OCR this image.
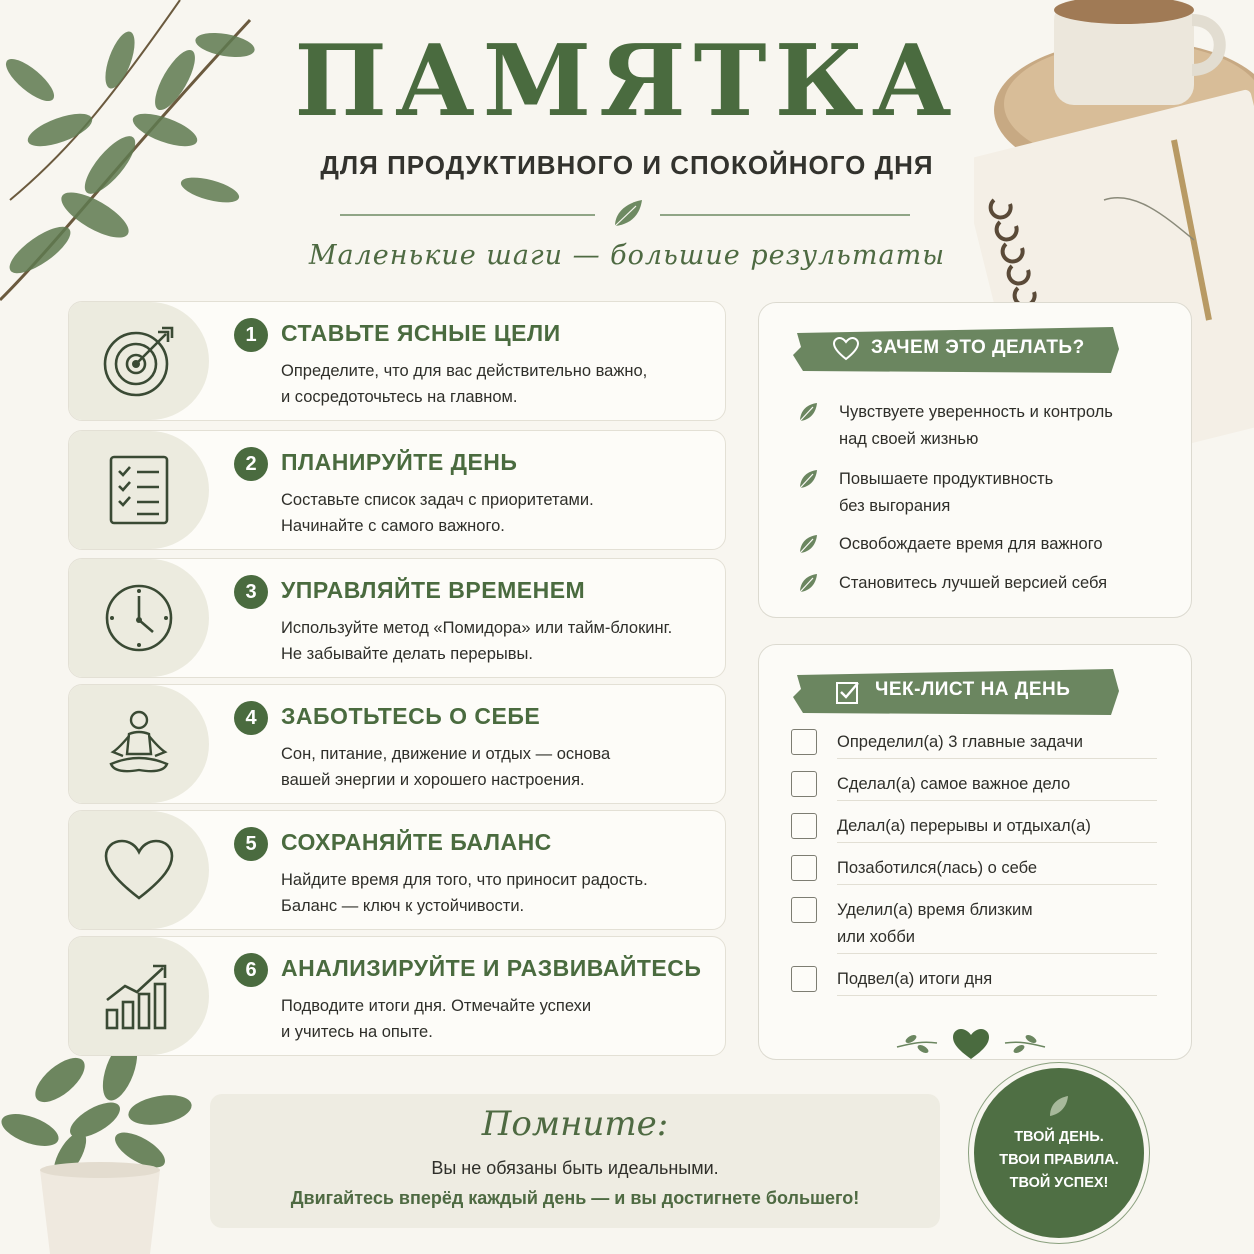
ПАМЯТКА
ДЛЯ ПРОДУКТИВНОГО И СПОКОЙНОГО ДНЯ
Маленькие шаги — большие результаты
1	СТАВЬТЕ ЯСНЫЕ ЦЕЛИ
Определите, что для вас действительно важно,
и сосредоточьтесь на главном.
2	ПЛАНИРУЙТЕ ДЕНЬ
Составьте список задач с приоритетами.
Начинайте с самого важного.
3	УПРАВЛЯЙТЕ ВРЕМЕНЕМ
Используйте метод «Помидора» или тайм-блокинг.
Не забывайте делать перерывы.
4	ЗАБОТЬТЕСЬ О СЕБЕ
Сон, питание, движение и отдых — основа
вашей энергии и хорошего настроения.
5	СОХРАНЯЙТЕ БАЛАНС
Найдите время для того, что приносит радость.
Баланс — ключ к устойчивости.
6	АНАЛИЗИРУЙТЕ И РАЗВИВАЙТЕСЬ
Подводите итоги дня. Отмечайте успехи
и учитесь на опыте.
ЗАЧЕМ ЭТО ДЕЛАТЬ?
Чувствуете уверенность и контроль
над своей жизнью
Повышаете продуктивность
без выгорания
Освобождаете время для важного
Становитесь лучшей версией себя
ЧЕК-ЛИСТ НА ДЕНЬ
Определил(а) 3 главные задачи
Сделал(а) самое важное дело
Делал(а) перерывы и отдыхал(а)
Позаботился(лась) о себе
Уделил(а) время близким
или хобби
Подвел(а) итоги дня
Помните:
Вы не обязаны быть идеальными.
Двигайтесь вперёд каждый день — и вы достигнете большего!
ТВОЙ ДЕНЬ.
ТВОИ ПРАВИЛА.
ТВОЙ УСПЕХ!
